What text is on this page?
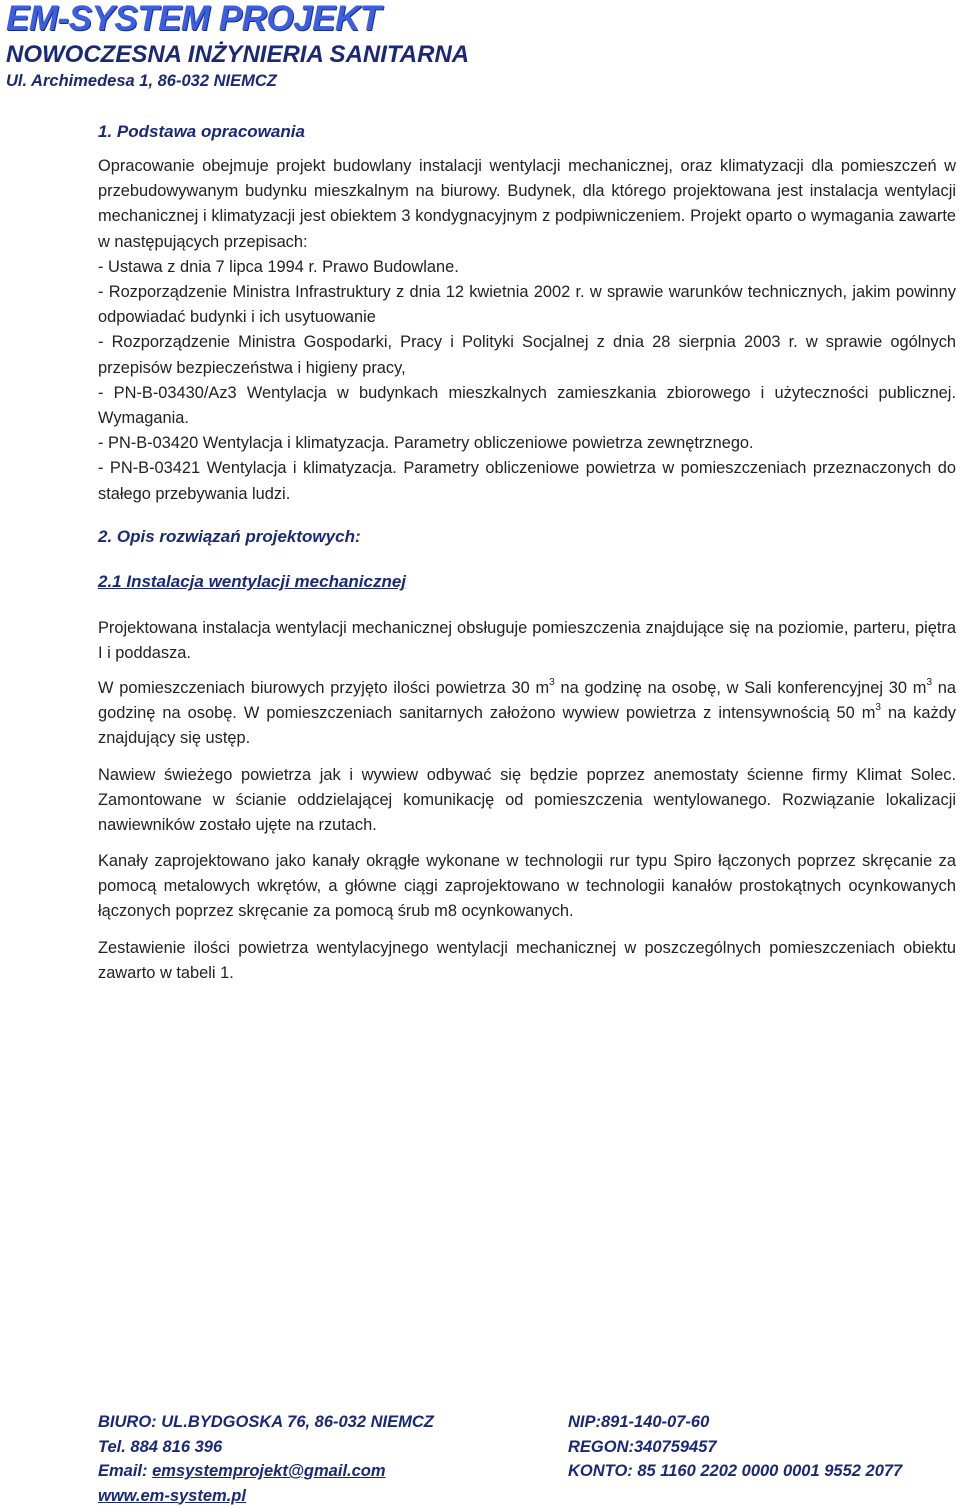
EM-SYSTEM PROJEKT
NOWOCZESNA INŻYNIERIA SANITARNA
Ul. Archimedesa 1, 86-032 NIEMCZ
1. Podstawa opracowania

Opracowanie obejmuje projekt budowlany instalacji wentylacji mechanicznej, oraz klimatyzacji dla pomieszczeń w przebudowywanym budynku mieszkalnym na biurowy. Budynek, dla którego projektowana jest instalacja wentylacji mechanicznej i klimatyzacji jest obiektem 3 kondygnacyjnym z podpiwniczeniem. Projekt oparto o wymagania zawarte w następujących przepisach:

- Ustawa z dnia 7 lipca 1994 r. Prawo Budowlane.

- Rozporządzenie Ministra Infrastruktury z dnia 12 kwietnia 2002 r. w sprawie warunków technicznych, jakim powinny odpowiadać budynki i ich usytuowanie

- Rozporządzenie Ministra Gospodarki, Pracy i Polityki Socjalnej z dnia 28 sierpnia 2003 r. w sprawie ogólnych przepisów bezpieczeństwa i higieny pracy,

- PN-B-03430/Az3 Wentylacja w budynkach mieszkalnych zamieszkania zbiorowego i użyteczności publicznej. Wymagania.

- PN-B-03420 Wentylacja i klimatyzacja. Parametry obliczeniowe powietrza zewnętrznego.

- PN-B-03421 Wentylacja i klimatyzacja. Parametry obliczeniowe powietrza w pomieszczeniach przeznaczonych do stałego przebywania ludzi.

2. Opis rozwiązań projektowych:
2.1 Instalacja wentylacji mechanicznej

Projektowana instalacja wentylacji mechanicznej obsługuje pomieszczenia znajdujące się na poziomie, parteru, piętra I i poddasza.

W pomieszczeniach biurowych przyjęto ilości powietrza 30 $m^3$ na godzinę na osobę, w Sali konferencyjnej 30 $m^3$ na godzinę na osobę. W pomieszczeniach sanitarnych założono wywiew powietrza z intensywnością 50 $m^3$ na każdy znajdujący się ustęp.

Nawiew świeżego powietrza jak i wywiew odbywać się będzie poprzez anemostaty ścienne firmy Klimat Solec. Zamontowane w ścianie oddzielającej komunikację od pomieszczenia wentylowanego. Rozwiązanie lokalizacji nawiewników zostało ujęte na rzutach.

Kanały zaprojektowano jako kanały okrągłe wykonane w technologii rur typu Spiro łączonych poprzez skręcanie za pomocą metalowych wkrętów, a główne ciągi zaprojektowano w technologii kanałów prostokątnych ocynkowanych łączonych poprzez skręcanie za pomocą śrub m8 ocynkowanych.

Zestawienie ilości powietrza wentylacyjnego wentylacji mechanicznej w poszczególnych pomieszczeniach obiektu zawarto w tabeli 1.

BIURO: UL.BYDGOSKA 76, 86-032 NIEMCZ	NIP:891-140-07-60
Tel. 884 816 396	REGON:340759457
Email: emsystemprojekt@gmail.com	KONTO: 85 1160 2202 0000 0001 9552 2077
www.em-system.pl
